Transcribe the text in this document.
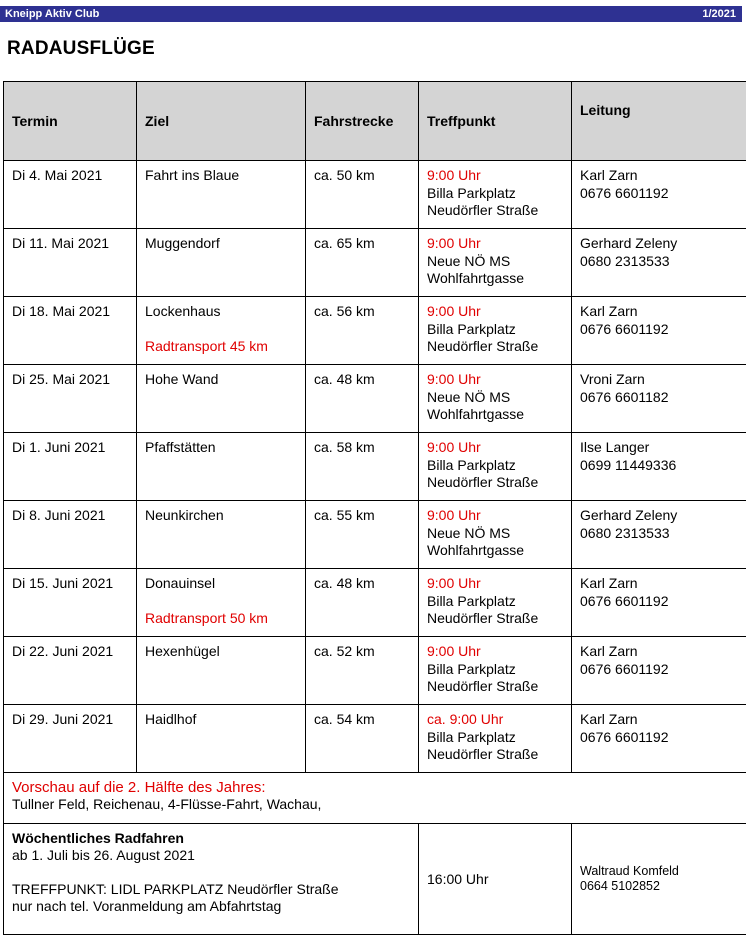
Kneipp Aktiv Club	1/2021
RADAUSFLÜGE
Termin	Ziel	Fahrstrecke	Treffpunkt	Leitung
Di 4. Mai 2021	Fahrt ins Blaue	ca. 50 km	9:00 Uhr
Billa Parkplatz
Neudörfler Straße	Karl Zarn
0676 6601192

Di 11. Mai 2021	Muggendorf	ca. 65 km	9:00 Uhr
Neue NÖ MS
Wohlfahrtgasse	Gerhard Zeleny
0680 2313533

Di 18. Mai 2021	Lockenhaus
Radtransport 45 km	ca. 56 km	9:00 Uhr
Billa Parkplatz
Neudörfler Straße	Karl Zarn
0676 6601192

Di 25. Mai 2021	Hohe Wand	ca. 48 km	9:00 Uhr
Neue NÖ MS
Wohlfahrtgasse	Vroni Zarn
0676 6601182

Di 1. Juni 2021	Pfaffstätten	ca. 58 km	9:00 Uhr
Billa Parkplatz
Neudörfler Straße	Ilse Langer
0699 11449336

Di 8. Juni 2021	Neunkirchen	ca. 55 km	9:00 Uhr
Neue NÖ MS
Wohlfahrtgasse	Gerhard Zeleny
0680 2313533

Di 15. Juni 2021	Donauinsel
Radtransport 50 km	ca. 48 km	9:00 Uhr
Billa Parkplatz
Neudörfler Straße	Karl Zarn
0676 6601192

Di 22. Juni 2021	Hexenhügel	ca. 52 km	9:00 Uhr
Billa Parkplatz
Neudörfler Straße	Karl Zarn
0676 6601192

Di 29. Juni 2021	Haidlhof	ca. 54 km	ca. 9:00 Uhr
Billa Parkplatz
Neudörfler Straße	Karl Zarn
0676 6601192

Vorschau auf die 2. Hälfte des Jahres:
Tullner Feld, Reichenau, 4-Flüsse-Fahrt, Wachau,				

Wöchentliches Radfahren
ab 1. Juli bis 26. August 2021
TREFFPUNKT: LIDL PARKPLATZ Neudörfler Straße
nur nach tel. Voranmeldung am Abfahrtstag			16:00 Uhr	Waltraud Komfeld
0664 5102852
